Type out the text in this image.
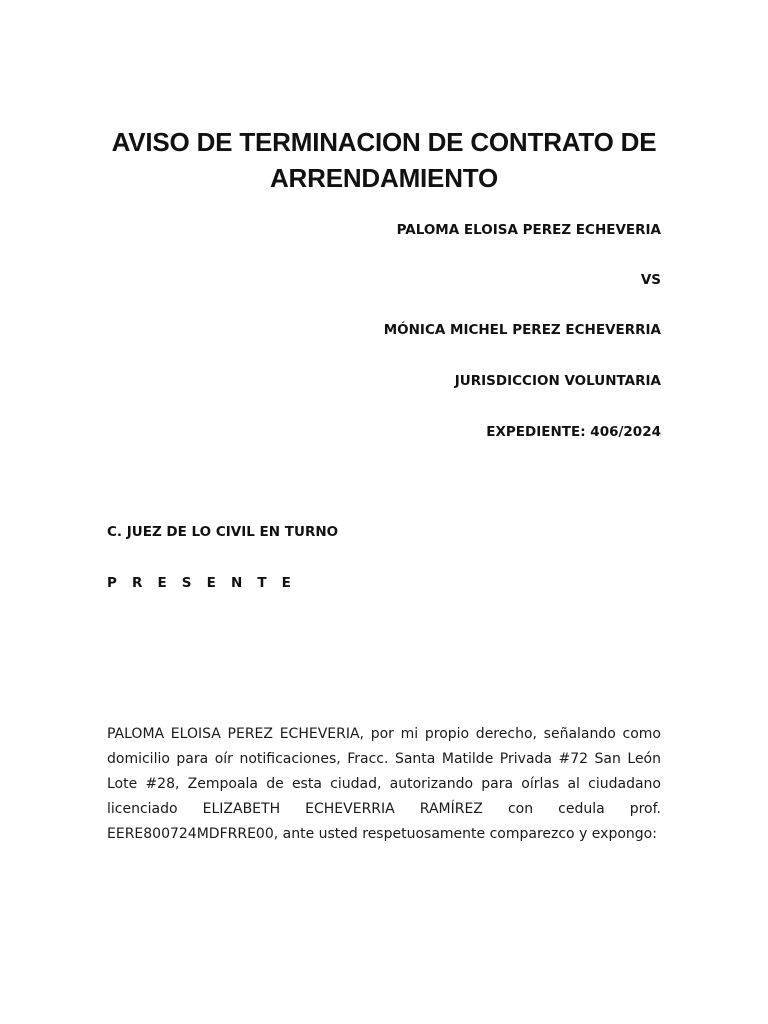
AVISO DE TERMINACION DE CONTRATO DE ARRENDAMIENTO

PALOMA ELOISA PEREZ ECHEVERIA

VS

MÓNICA MICHEL PEREZ ECHEVERRIA

JURISDICCION VOLUNTARIA

EXPEDIENTE: 406/2024

C. JUEZ DE LO CIVIL EN TURNO

P R E S E N T E

PALOMA ELOISA PEREZ ECHEVERIA, por mi propio derecho, señalando como domicilio para oír notificaciones, Fracc. Santa Matilde Privada #72 San León Lote #28, Zempoala de esta ciudad, autorizando para oírlas al ciudadano licenciado ELIZABETH ECHEVERRIA RAMÍREZ con cedula prof. EERE800724MDFRRE00, ante usted respetuosamente comparezco y expongo:
